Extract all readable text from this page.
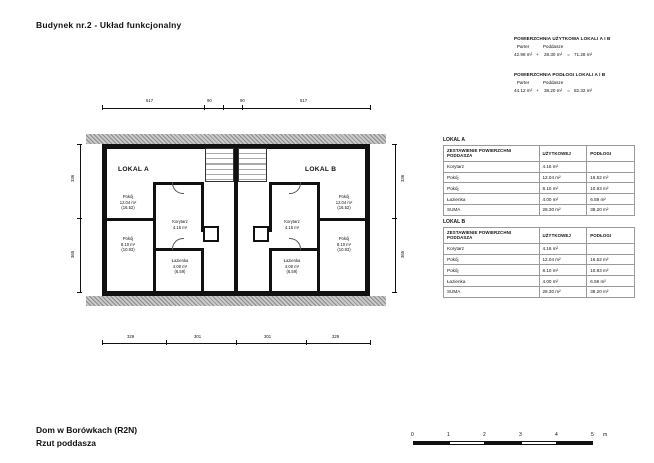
Budynek nr.2 - Układ funkcjonalny
POWIERZCHNIA UŻYTKOWA LOKALI A I B
Parter		Poddasze		
42.98 m²	+	28.30 m²	=	71.28 m²
POWIERZCHNIA PODŁOGI LOKALI A I B
Parter		Poddasze		
44.12 m²	+	38.20 m²	=	82.32 m²
LOKAL A
ZESTAWIENIE POWIERZCHNI PODDASZA	UŻYTKOWEJ	PODŁOGI
Korytarz	4.16 m²	
Pokój	12.04 m²	16.52 m²
Pokój	8.10 m²	10.93 m²
Łazienka	4.00 m²	6.59 m²
SUMA	28.30 m²	38.20 m²
LOKAL B
ZESTAWIENIE POWIERZCHNI PODDASZA	UŻYTKOWEJ	PODŁOGI
Korytarz	4.16 m²	
Pokój	12.04 m²	16.52 m²
Pokój	8.10 m²	10.93 m²
Łazienka	4.00 m²	6.59 m²
SUMA	28.30 m²	38.20 m²
LOKAL A	LOKAL B
Pokój
12.04 m²
(16.52)
Pokój
8.10 m²
(10.93)
Korytarz
4.16 m²
Łazienka
4.00 m²
(6.59)
Korytarz
4.16 m²
Łazienka
4.00 m²
(6.59)
Pokój
12.04 m²
(16.52)
Pokój
8.10 m²
(10.93)
517	90	90	517
329	301	301	329
336
365
336
365
Dom w Borówkach (R2N)
Rzut poddasza
0	1	2	3	4	5 m
